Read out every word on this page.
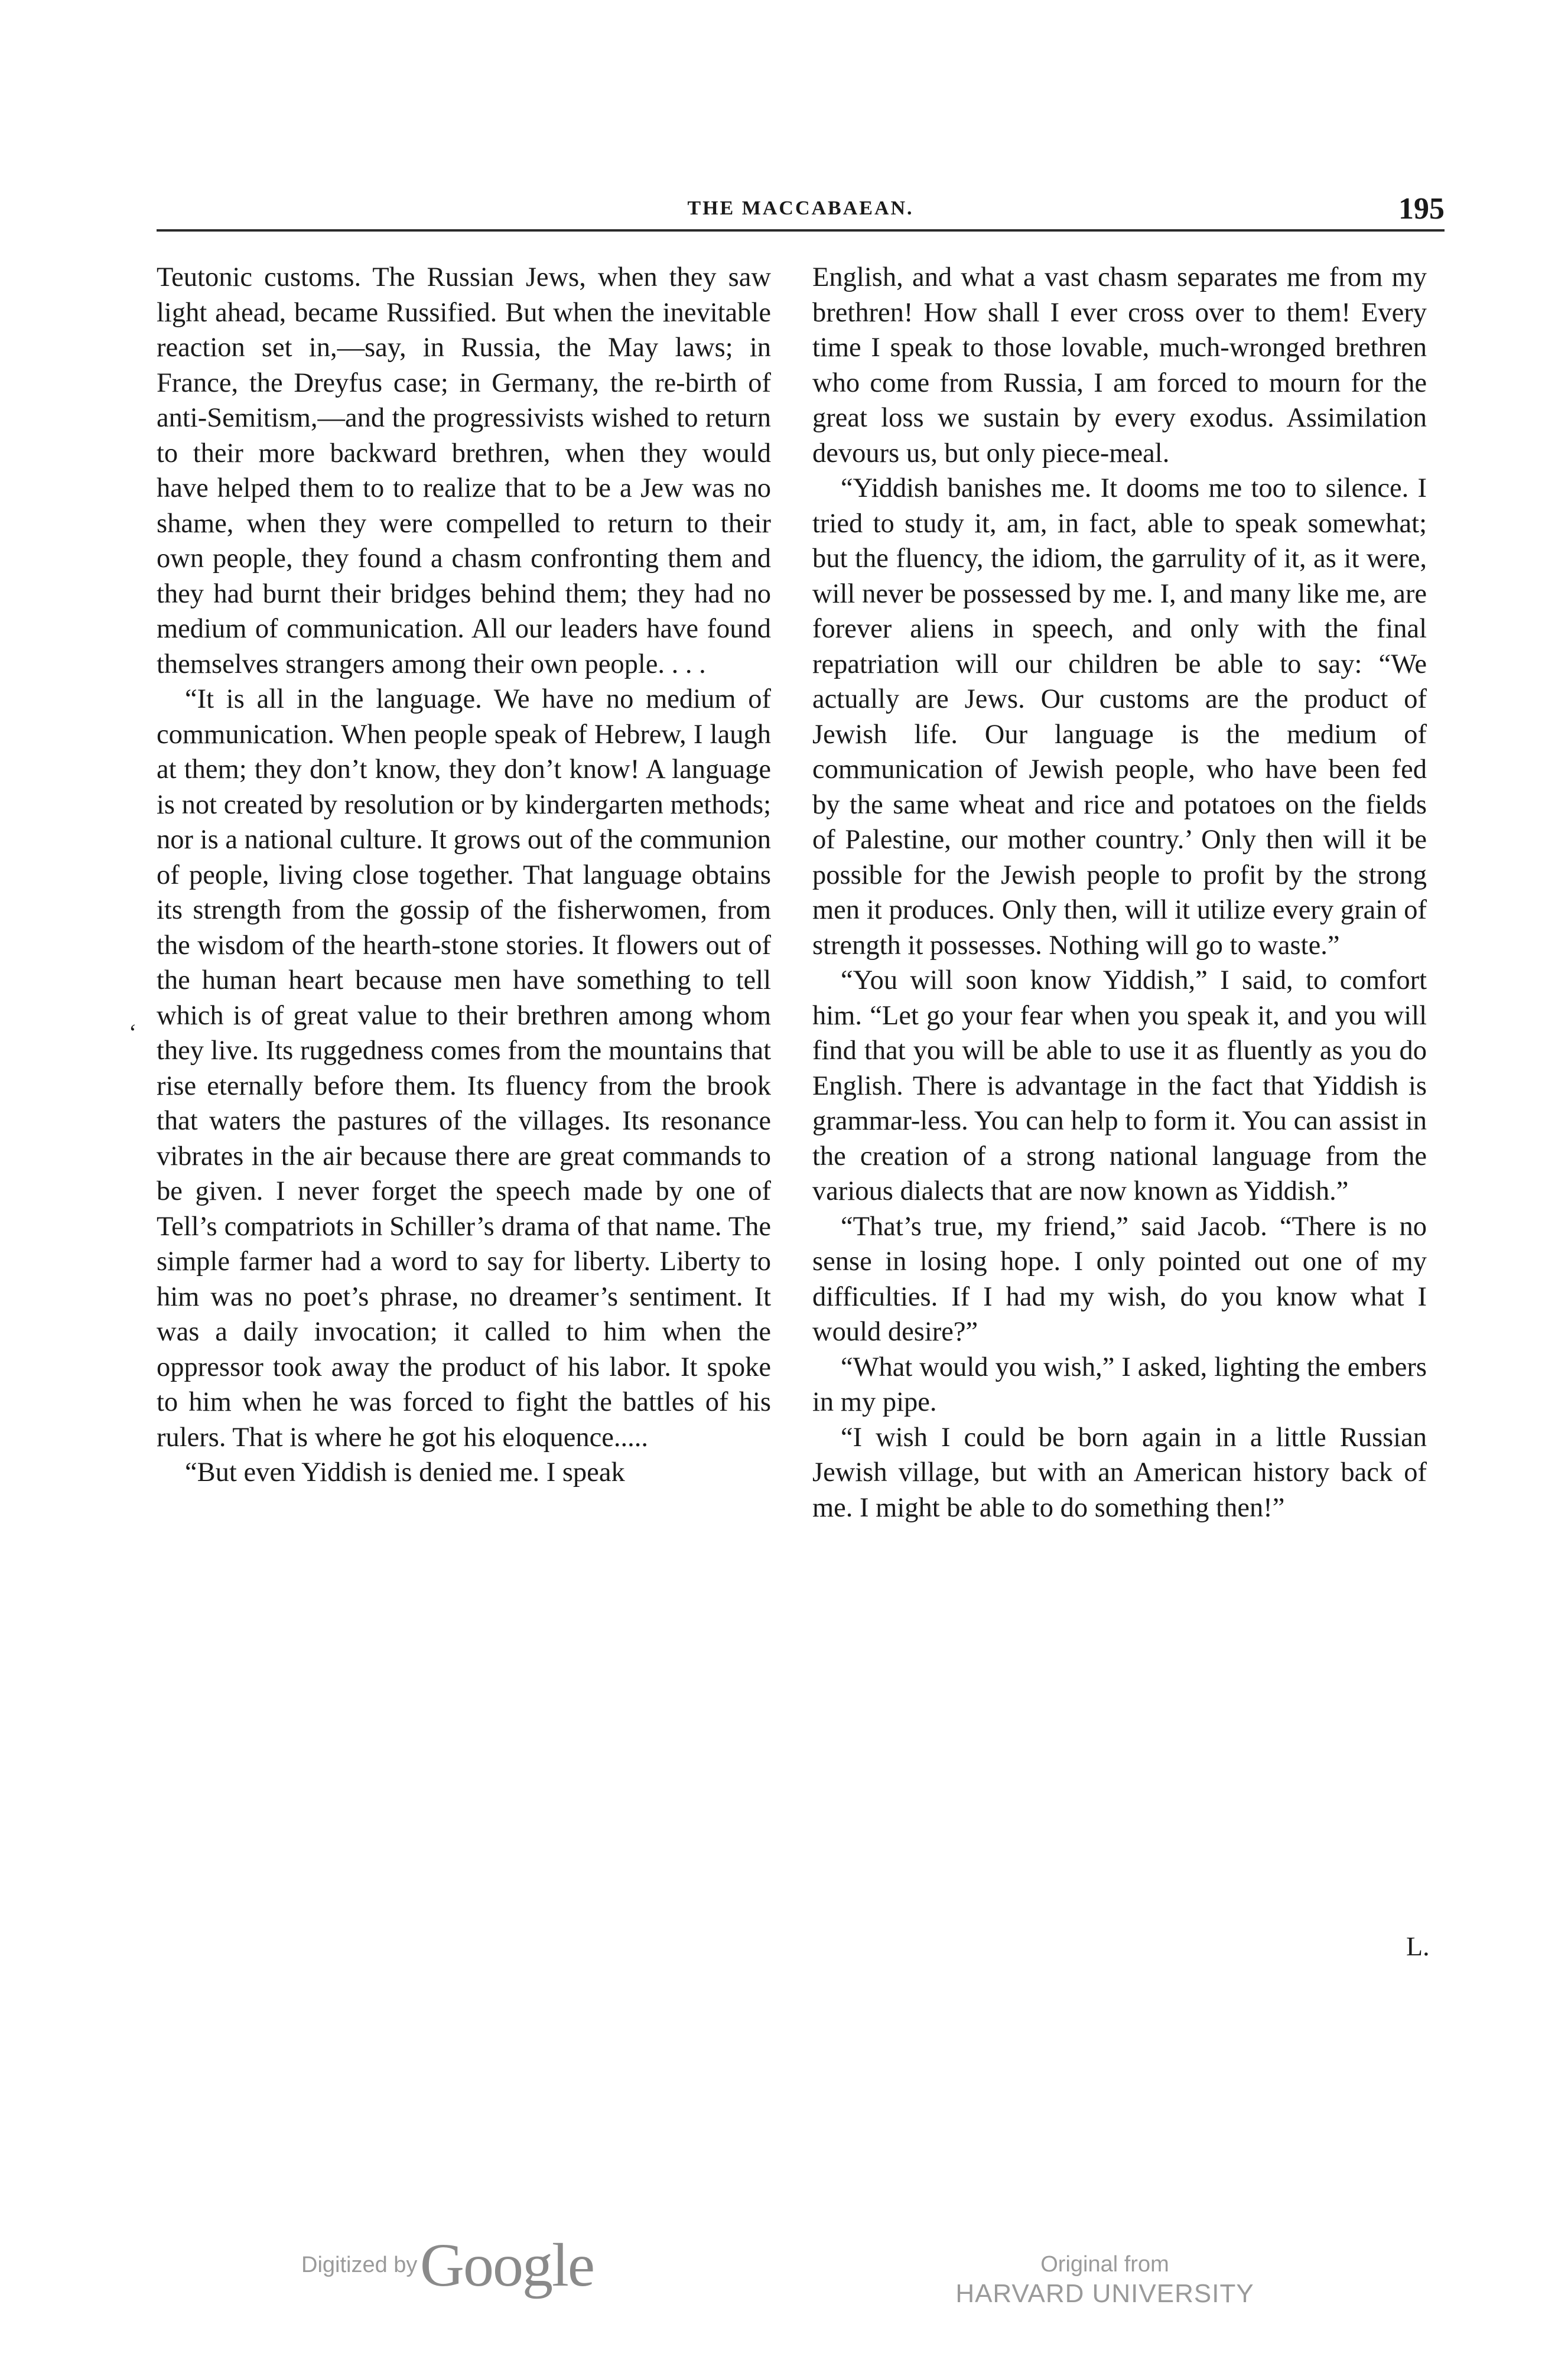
THE MACCABAEAN.	195
‘

Teutonic customs. The Russian Jews, when they saw light ahead, became Russified. But when the inevitable reaction set in,—say, in Russia, the May laws; in France, the Dreyfus case; in Germany, the re-birth of anti-Semitism,—and the progressivists wished to return to their more backward brethren, when they would have helped them to to realize that to be a Jew was no shame, when they were compelled to return to their own people, they found a chasm confronting them and they had burnt their bridges behind them; they had no medium of communication. All our leaders have found themselves strangers among their own people. . . .

“It is all in the language. We have no medium of communication. When people speak of Hebrew, I laugh at them; they don’t know, they don’t know! A language is not created by resolution or by kindergarten methods; nor is a national culture. It grows out of the communion of people, living close together. That language obtains its strength from the gossip of the fisherwomen, from the wisdom of the hearth-stone stories. It flowers out of the human heart because men have something to tell which is of great value to their brethren among whom they live. Its ruggedness comes from the mountains that rise eternally before them. Its fluency from the brook that waters the pastures of the villages. Its resonance vibrates in the air because there are great commands to be given. I never forget the speech made by one of Tell’s compatriots in Schiller’s drama of that name. The simple farmer had a word to say for liberty. Liberty to him was no poet’s phrase, no dreamer’s sentiment. It was a daily invocation; it called to him when the oppressor took away the product of his labor. It spoke to him when he was forced to fight the battles of his rulers. That is where he got his eloquence.....

“But even Yiddish is denied me. I speak

English, and what a vast chasm separates me from my brethren! How shall I ever cross over to them! Every time I speak to those lovable, much-wronged brethren who come from Russia, I am forced to mourn for the great loss we sustain by every exodus. Assimilation devours us, but only piece-meal.

“Yiddish banishes me. It dooms me too to silence. I tried to study it, am, in fact, able to speak somewhat; but the fluency, the idiom, the garrulity of it, as it were, will never be possessed by me. I, and many like me, are forever aliens in speech, and only with the final repatriation will our children be able to say: “We actually are Jews. Our customs are the product of Jewish life. Our language is the medium of communication of Jewish people, who have been fed by the same wheat and rice and potatoes on the fields of Palestine, our mother country.’ Only then will it be possible for the Jewish people to profit by the strong men it produces. Only then, will it utilize every grain of strength it possesses. Nothing will go to waste.”

“You will soon know Yiddish,” I said, to comfort him. “Let go your fear when you speak it, and you will find that you will be able to use it as fluently as you do English. There is advantage in the fact that Yiddish is grammar-less. You can help to form it. You can assist in the creation of a strong national language from the various dialects that are now known as Yiddish.”

“That’s true, my friend,” said Jacob. “There is no sense in losing hope. I only pointed out one of my difficulties. If I had my wish, do you know what I would desire?”

“What would you wish,” I asked, lighting the embers in my pipe.

“I wish I could be born again in a little Russian Jewish village, but with an American history back of me. I might be able to do something then!”

L.
Digitized by Google	Original from
HARVARD UNIVERSITY
